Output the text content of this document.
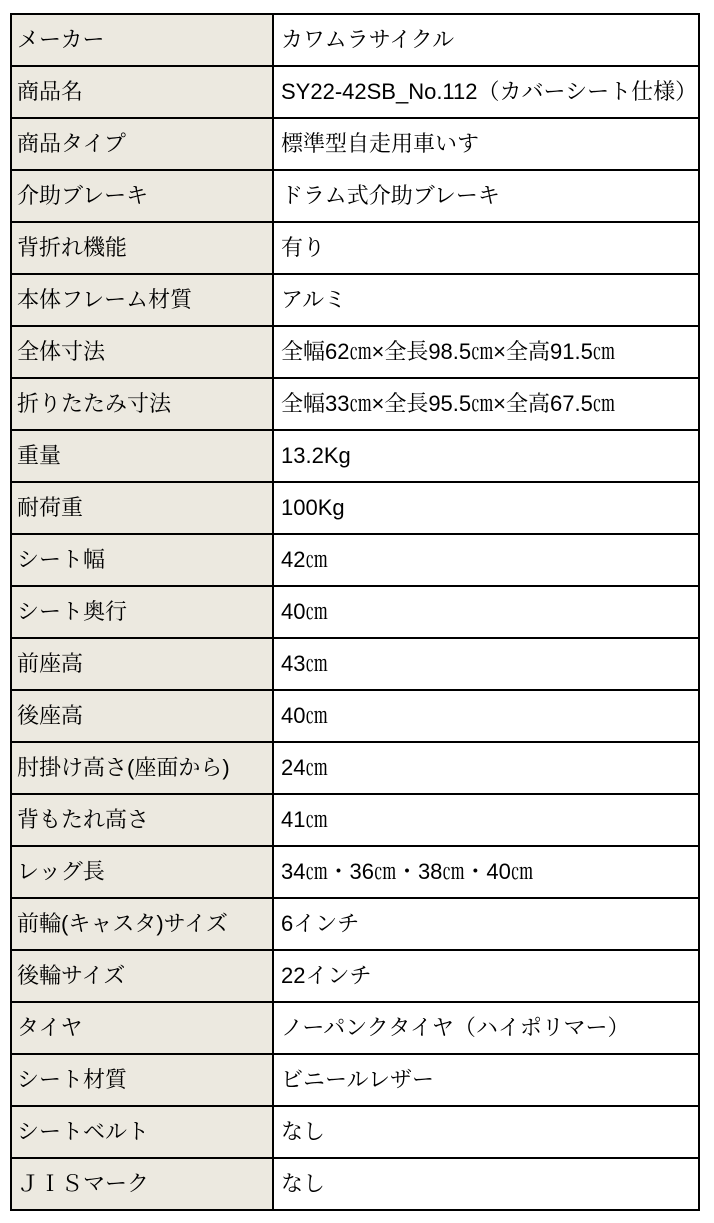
メーカー	カワムラサイクル
商品名	SY22-42SB_No.112（カバーシート仕様）
商品タイプ	標準型自走用車いす
介助ブレーキ	ドラム式介助ブレーキ
背折れ機能	有り
本体フレーム材質	アルミ
全体寸法	全幅62㎝×全長98.5㎝×全高91.5㎝
折りたたみ寸法	全幅33㎝×全長95.5㎝×全高67.5㎝
重量	13.2Kg
耐荷重	100Kg
シート幅	42㎝
シート奥行	40㎝
前座高	43㎝
後座高	40㎝
肘掛け高さ(座面から)	24㎝
背もたれ高さ	41㎝
レッグ長	34㎝・36㎝・38㎝・40㎝
前輪(キャスタ)サイズ	6インチ
後輪サイズ	22インチ
タイヤ	ノーパンクタイヤ（ハイポリマー）
シート材質	ビニールレザー
シートベルト	なし
ＪＩＳマーク	なし
